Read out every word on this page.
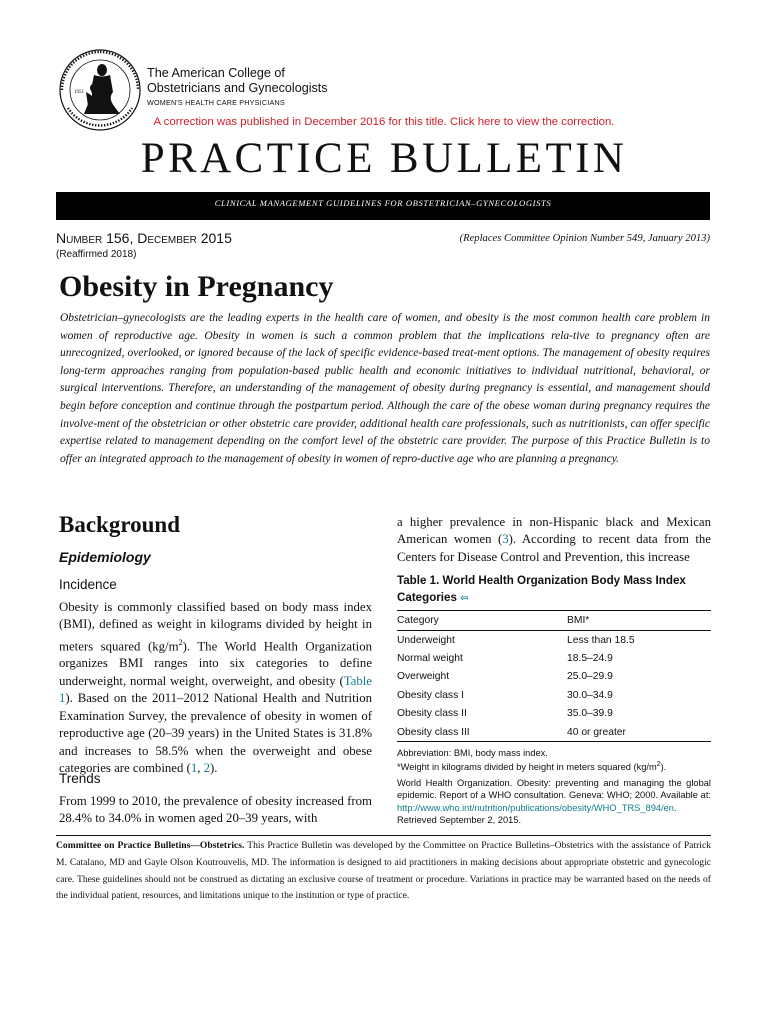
1951
The American College of
Obstetricians and Gynecologists
WOMEN'S HEALTH CARE PHYSICIANS
A correction was published in December 2016 for this title. Click here to view the correction.
PRACTICE BULLETIN
CLINICAL MANAGEMENT GUIDELINES FOR OBSTETRICIAN–GYNECOLOGISTS
Number 156, December 2015	(Replaces Committee Opinion Number 549, January 2013)
(Reaffirmed 2018)
Obesity in Pregnancy
Obstetrician–gynecologists are the leading experts in the health care of women, and obesity is the most common health care problem in women of reproductive age. Obesity in women is such a common problem that the implications rela-tive to pregnancy often are unrecognized, overlooked, or ignored because of the lack of specific evidence-based treat-ment options. The management of obesity requires long-term approaches ranging from population-based public health and economic initiatives to individual nutritional, behavioral, or surgical interventions. Therefore, an understanding of the management of obesity during pregnancy is essential, and management should begin before conception and continue through the postpartum period. Although the care of the obese woman during pregnancy requires the involve-ment of the obstetrician or other obstetric care provider, additional health care professionals, such as nutritionists, can offer specific expertise related to management depending on the comfort level of the obstetric care provider. The purpose of this Practice Bulletin is to offer an integrated approach to the management of obesity in women of repro-ductive age who are planning a pregnancy.
Background
Epidemiology
Incidence
Obesity is commonly classified based on body mass index (BMI), defined as weight in kilograms divided by height in meters squared $(kg/m^2)$. The World Health Organization organizes BMI ranges into six categories to define underweight, normal weight, overweight, and obesity (Table 1). Based on the 2011–2012 National Health and Nutrition Examination Survey, the prevalence of obesity in women of reproductive age (20–39 years) in the United States is 31.8% and increases to 58.5% when the overweight and obese categories are combined (1, 2).
Trends
From 1999 to 2010, the prevalence of obesity increased from 28.4% to 34.0% in women aged 20–39 years, with
a higher prevalence in non-Hispanic black and Mexican American women (3). According to recent data from the Centers for Disease Control and Prevention, this increase
Table 1. World Health Organization Body Mass Index Categories ⇦
Category	BMI*
Underweight	Less than 18.5
Normal weight	18.5–24.9
Overweight	25.0–29.9
Obesity class I	30.0–34.9
Obesity class II	35.0–39.9
Obesity class III	40 or greater

Abbreviation: BMI, body mass index.

*Weight in kilograms divided by height in meters squared $(kg/m^2)$.

World Health Organization. Obesity: preventing and managing the global epidemic. Report of a WHO consultation. Geneva: WHO; 2000. Available at: http://www.who.int/nutrition/publications/obesity/WHO_TRS_894/en. Retrieved September 2, 2015.

Committee on Practice Bulletins—Obstetrics. This Practice Bulletin was developed by the Committee on Practice Bulletins–Obstetrics with the assistance of Patrick M. Catalano, MD and Gayle Olson Koutrouvelis, MD. The information is designed to aid practitioners in making decisions about appropriate obstetric and gynecologic care. These guidelines should not be construed as dictating an exclusive course of treatment or procedure. Variations in practice may be warranted based on the needs of the individual patient, resources, and limitations unique to the institution or type of practice.
